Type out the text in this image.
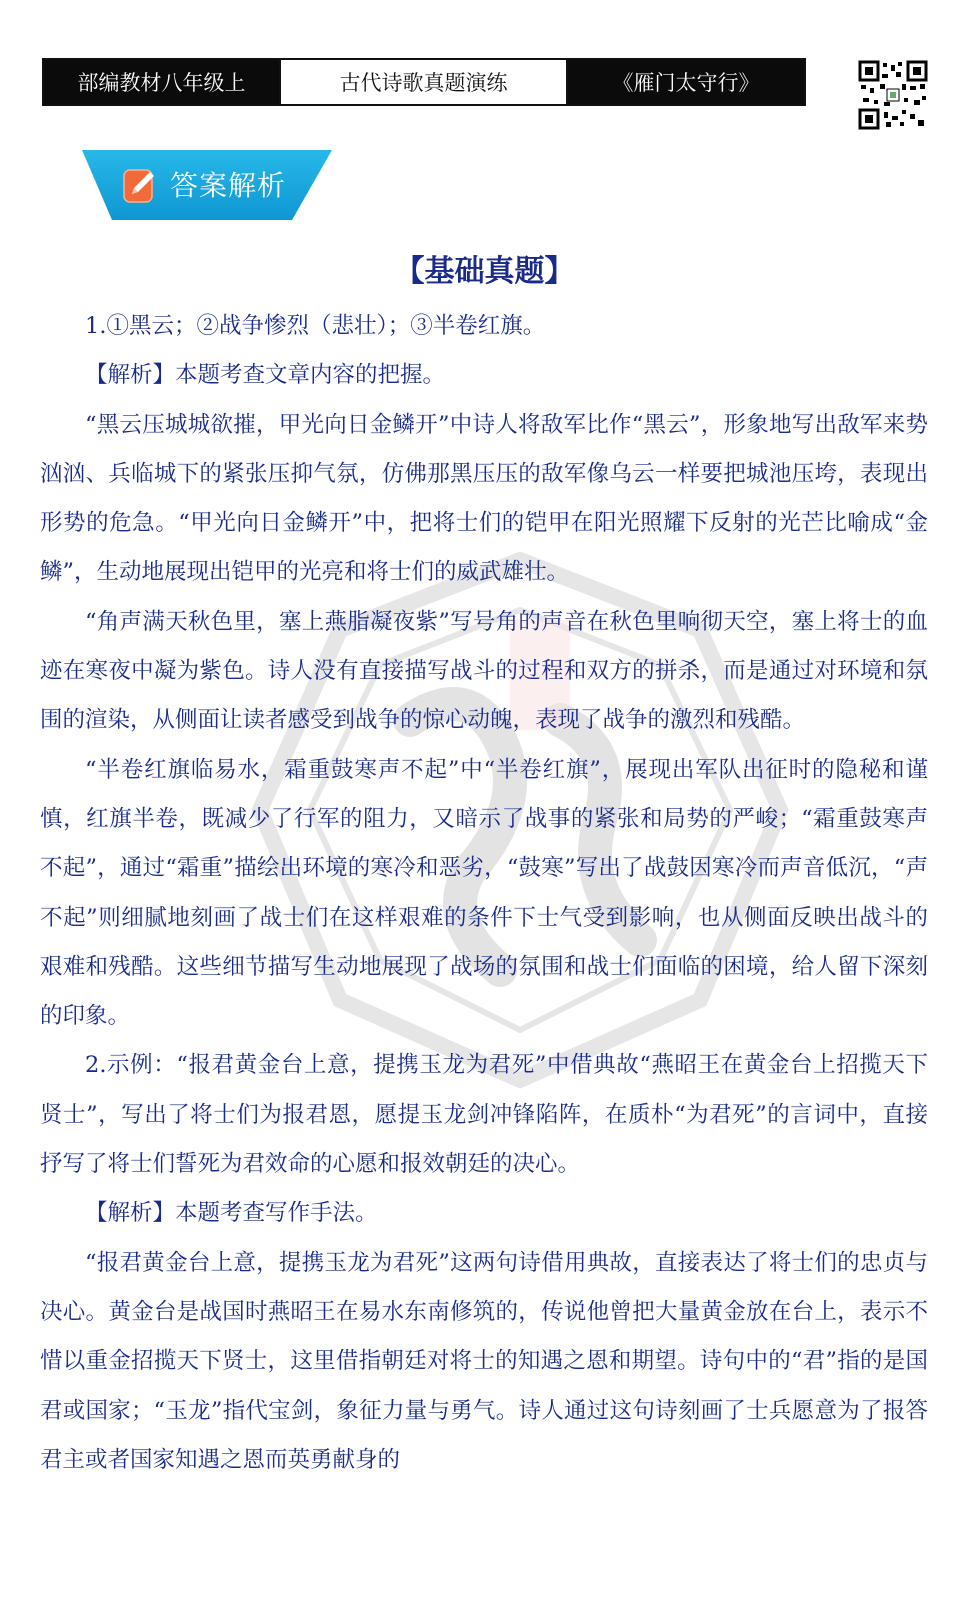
部编教材八年级上	古代诗歌真题演练	《雁门太守行》
答案解析
【基础真题】

1.①黑云；②战争惨烈（悲壮）；③半卷红旗。

【解析】本题考查文章内容的把握。

“黑云压城城欲摧，甲光向日金鳞开”中诗人将敌军比作“黑云”，形象地写出敌军来势汹汹、兵临城下的紧张压抑气氛，仿佛那黑压压的敌军像乌云一样要把城池压垮，表现出形势的危急。“甲光向日金鳞开”中，把将士们的铠甲在阳光照耀下反射的光芒比喻成“金鳞”，生动地展现出铠甲的光亮和将士们的威武雄壮。

“角声满天秋色里，塞上燕脂凝夜紫”写号角的声音在秋色里响彻天空，塞上将士的血迹在寒夜中凝为紫色。诗人没有直接描写战斗的过程和双方的拼杀，而是通过对环境和氛围的渲染，从侧面让读者感受到战争的惊心动魄，表现了战争的激烈和残酷。

“半卷红旗临易水，霜重鼓寒声不起”中“半卷红旗”，展现出军队出征时的隐秘和谨慎，红旗半卷，既减少了行军的阻力，又暗示了战事的紧张和局势的严峻；“霜重鼓寒声不起”，通过“霜重”描绘出环境的寒冷和恶劣，“鼓寒”写出了战鼓因寒冷而声音低沉，“声不起”则细腻地刻画了战士们在这样艰难的条件下士气受到影响，也从侧面反映出战斗的艰难和残酷。这些细节描写生动地展现了战场的氛围和战士们面临的困境，给人留下深刻的印象。

2.示例：“报君黄金台上意，提携玉龙为君死”中借典故“燕昭王在黄金台上招揽天下贤士”，写出了将士们为报君恩，愿提玉龙剑冲锋陷阵，在质朴“为君死”的言词中，直接抒写了将士们誓死为君效命的心愿和报效朝廷的决心。

【解析】本题考查写作手法。

“报君黄金台上意，提携玉龙为君死”这两句诗借用典故，直接表达了将士们的忠贞与决心。黄金台是战国时燕昭王在易水东南修筑的，传说他曾把大量黄金放在台上，表示不惜以重金招揽天下贤士，这里借指朝廷对将士的知遇之恩和期望。诗句中的“君”指的是国君或国家；“玉龙”指代宝剑，象征力量与勇气。诗人通过这句诗刻画了士兵愿意为了报答君主或者国家知遇之恩而英勇献身的
